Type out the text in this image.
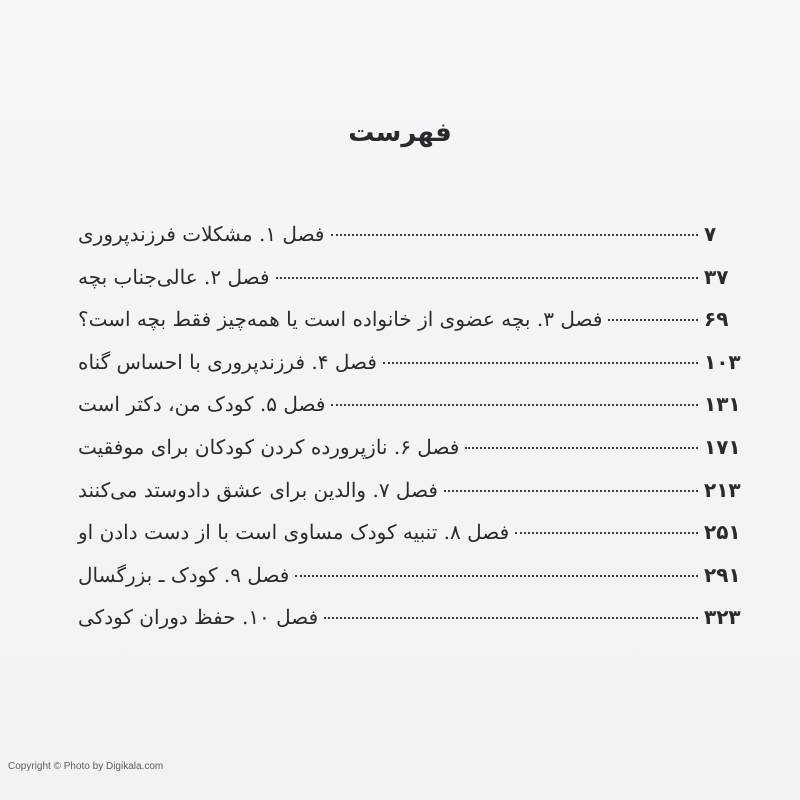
فهرست
فصل ۱. مشکلات فرزندپروری	۷
فصل ۲. عالی‌جناب بچه	۳۷
فصل ۳. بچه عضوی از خانواده است یا همه‌چیز فقط بچه است؟	۶۹
فصل ۴. فرزندپروری با احساس گناه	۱۰۳
فصل ۵. کودک من، دکتر است	۱۳۱
فصل ۶. نازپرورده کردن کودکان برای موفقیت	۱۷۱
فصل ۷. والدین برای عشق دادوستد می‌کنند	۲۱۳
فصل ۸. تنبیه کودک مساوی است با از دست دادن او	۲۵۱
فصل ۹. کودک ـ بزرگسال	۲۹۱
فصل ۱۰. حفظ دوران کودکی	۳۲۳
Copyright © Photo by Digikala.com
